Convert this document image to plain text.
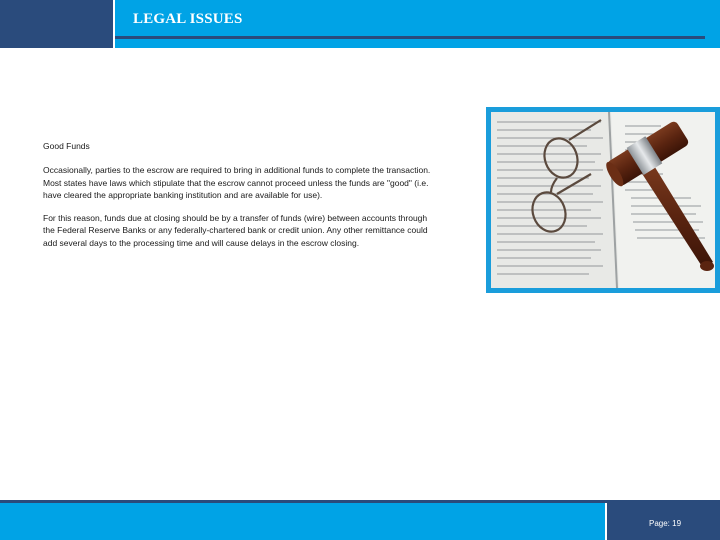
LEGAL ISSUES

Good Funds

Occasionally, parties to the escrow are required to bring in additional funds to complete the transaction. Most states have laws which stipulate that the escrow cannot proceed unless the funds are "good" (i.e. have cleared the appropriate banking institution and are available for use).

For this reason, funds due at closing should be by a transfer of funds (wire) between accounts through the Federal Reserve Banks or any federally-chartered bank or credit union. Any other remittance could add several days to the processing time and will cause delays in the escrow closing.

Page: 19
